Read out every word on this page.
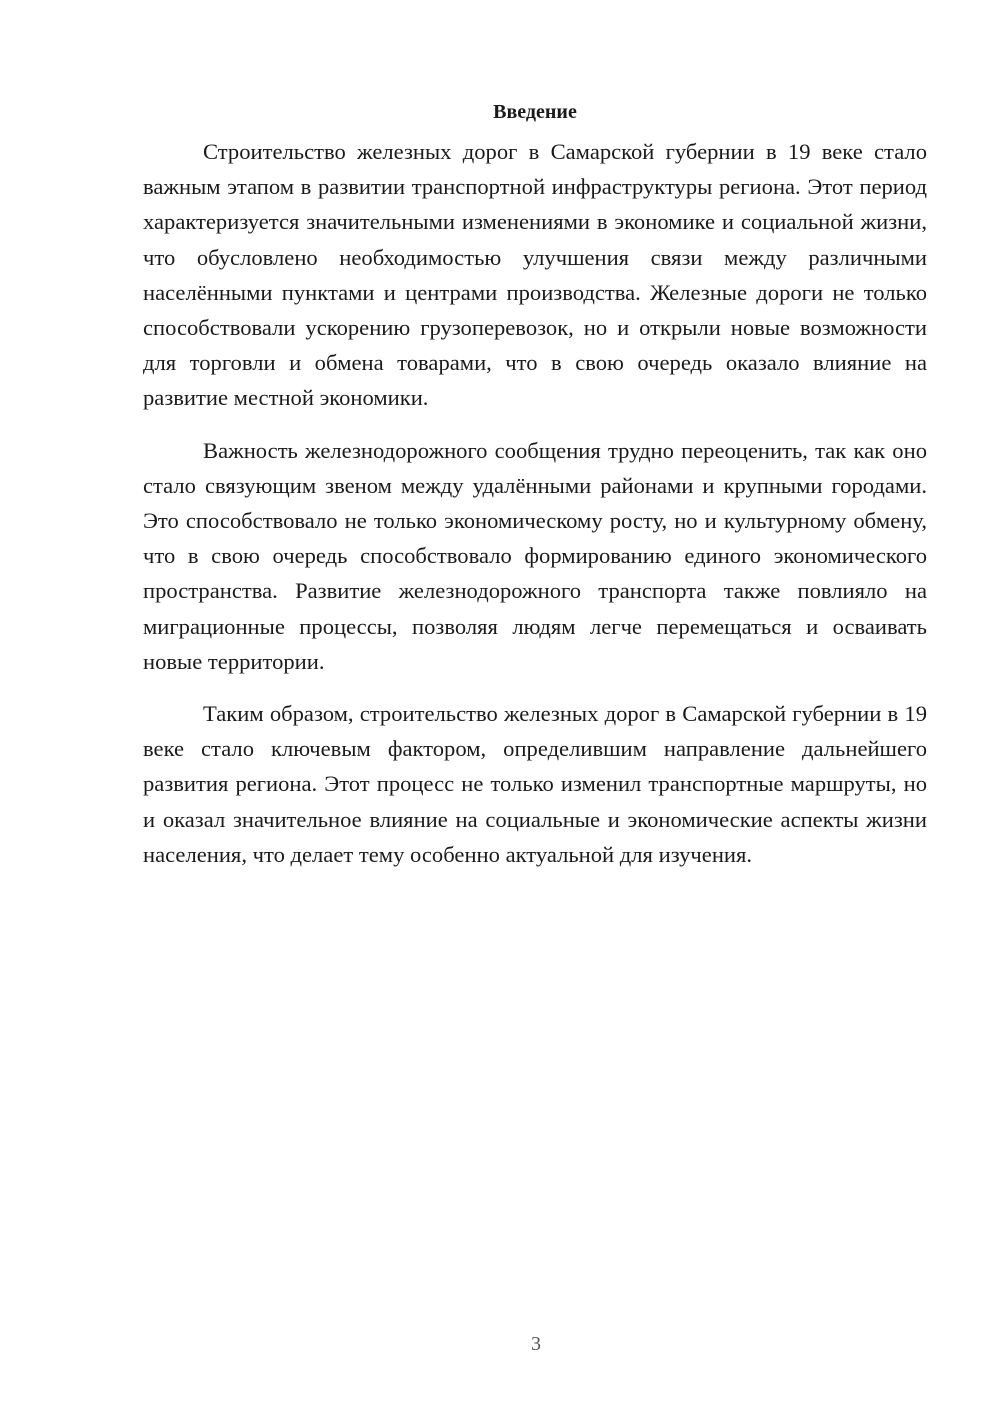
Введение

Строительство железных дорог в Самарской губернии в 19 веке стало важным этапом в развитии транспортной инфраструктуры региона. Этот период характеризуется значительными изменениями в экономике и социальной жизни, что обусловлено необходимостью улучшения связи между различными населёнными пунктами и центрами производства. Железные дороги не только способствовали ускорению грузоперевозок, но и открыли новые возможности для торговли и обмена товарами, что в свою очередь оказало влияние на развитие местной экономики.

Важность железнодорожного сообщения трудно переоценить, так как оно стало связующим звеном между удалёнными районами и крупными городами. Это способствовало не только экономическому росту, но и культурному обмену, что в свою очередь способствовало формированию единого экономического пространства. Развитие железнодорожного транспорта также повлияло на миграционные процессы, позволяя людям легче перемещаться и осваивать новые территории.

Таким образом, строительство железных дорог в Самарской губернии в 19 веке стало ключевым фактором, определившим направление дальнейшего развития региона. Этот процесс не только изменил транспортные маршруты, но и оказал значительное влияние на социальные и экономические аспекты жизни населения, что делает тему особенно актуальной для изучения.

3
